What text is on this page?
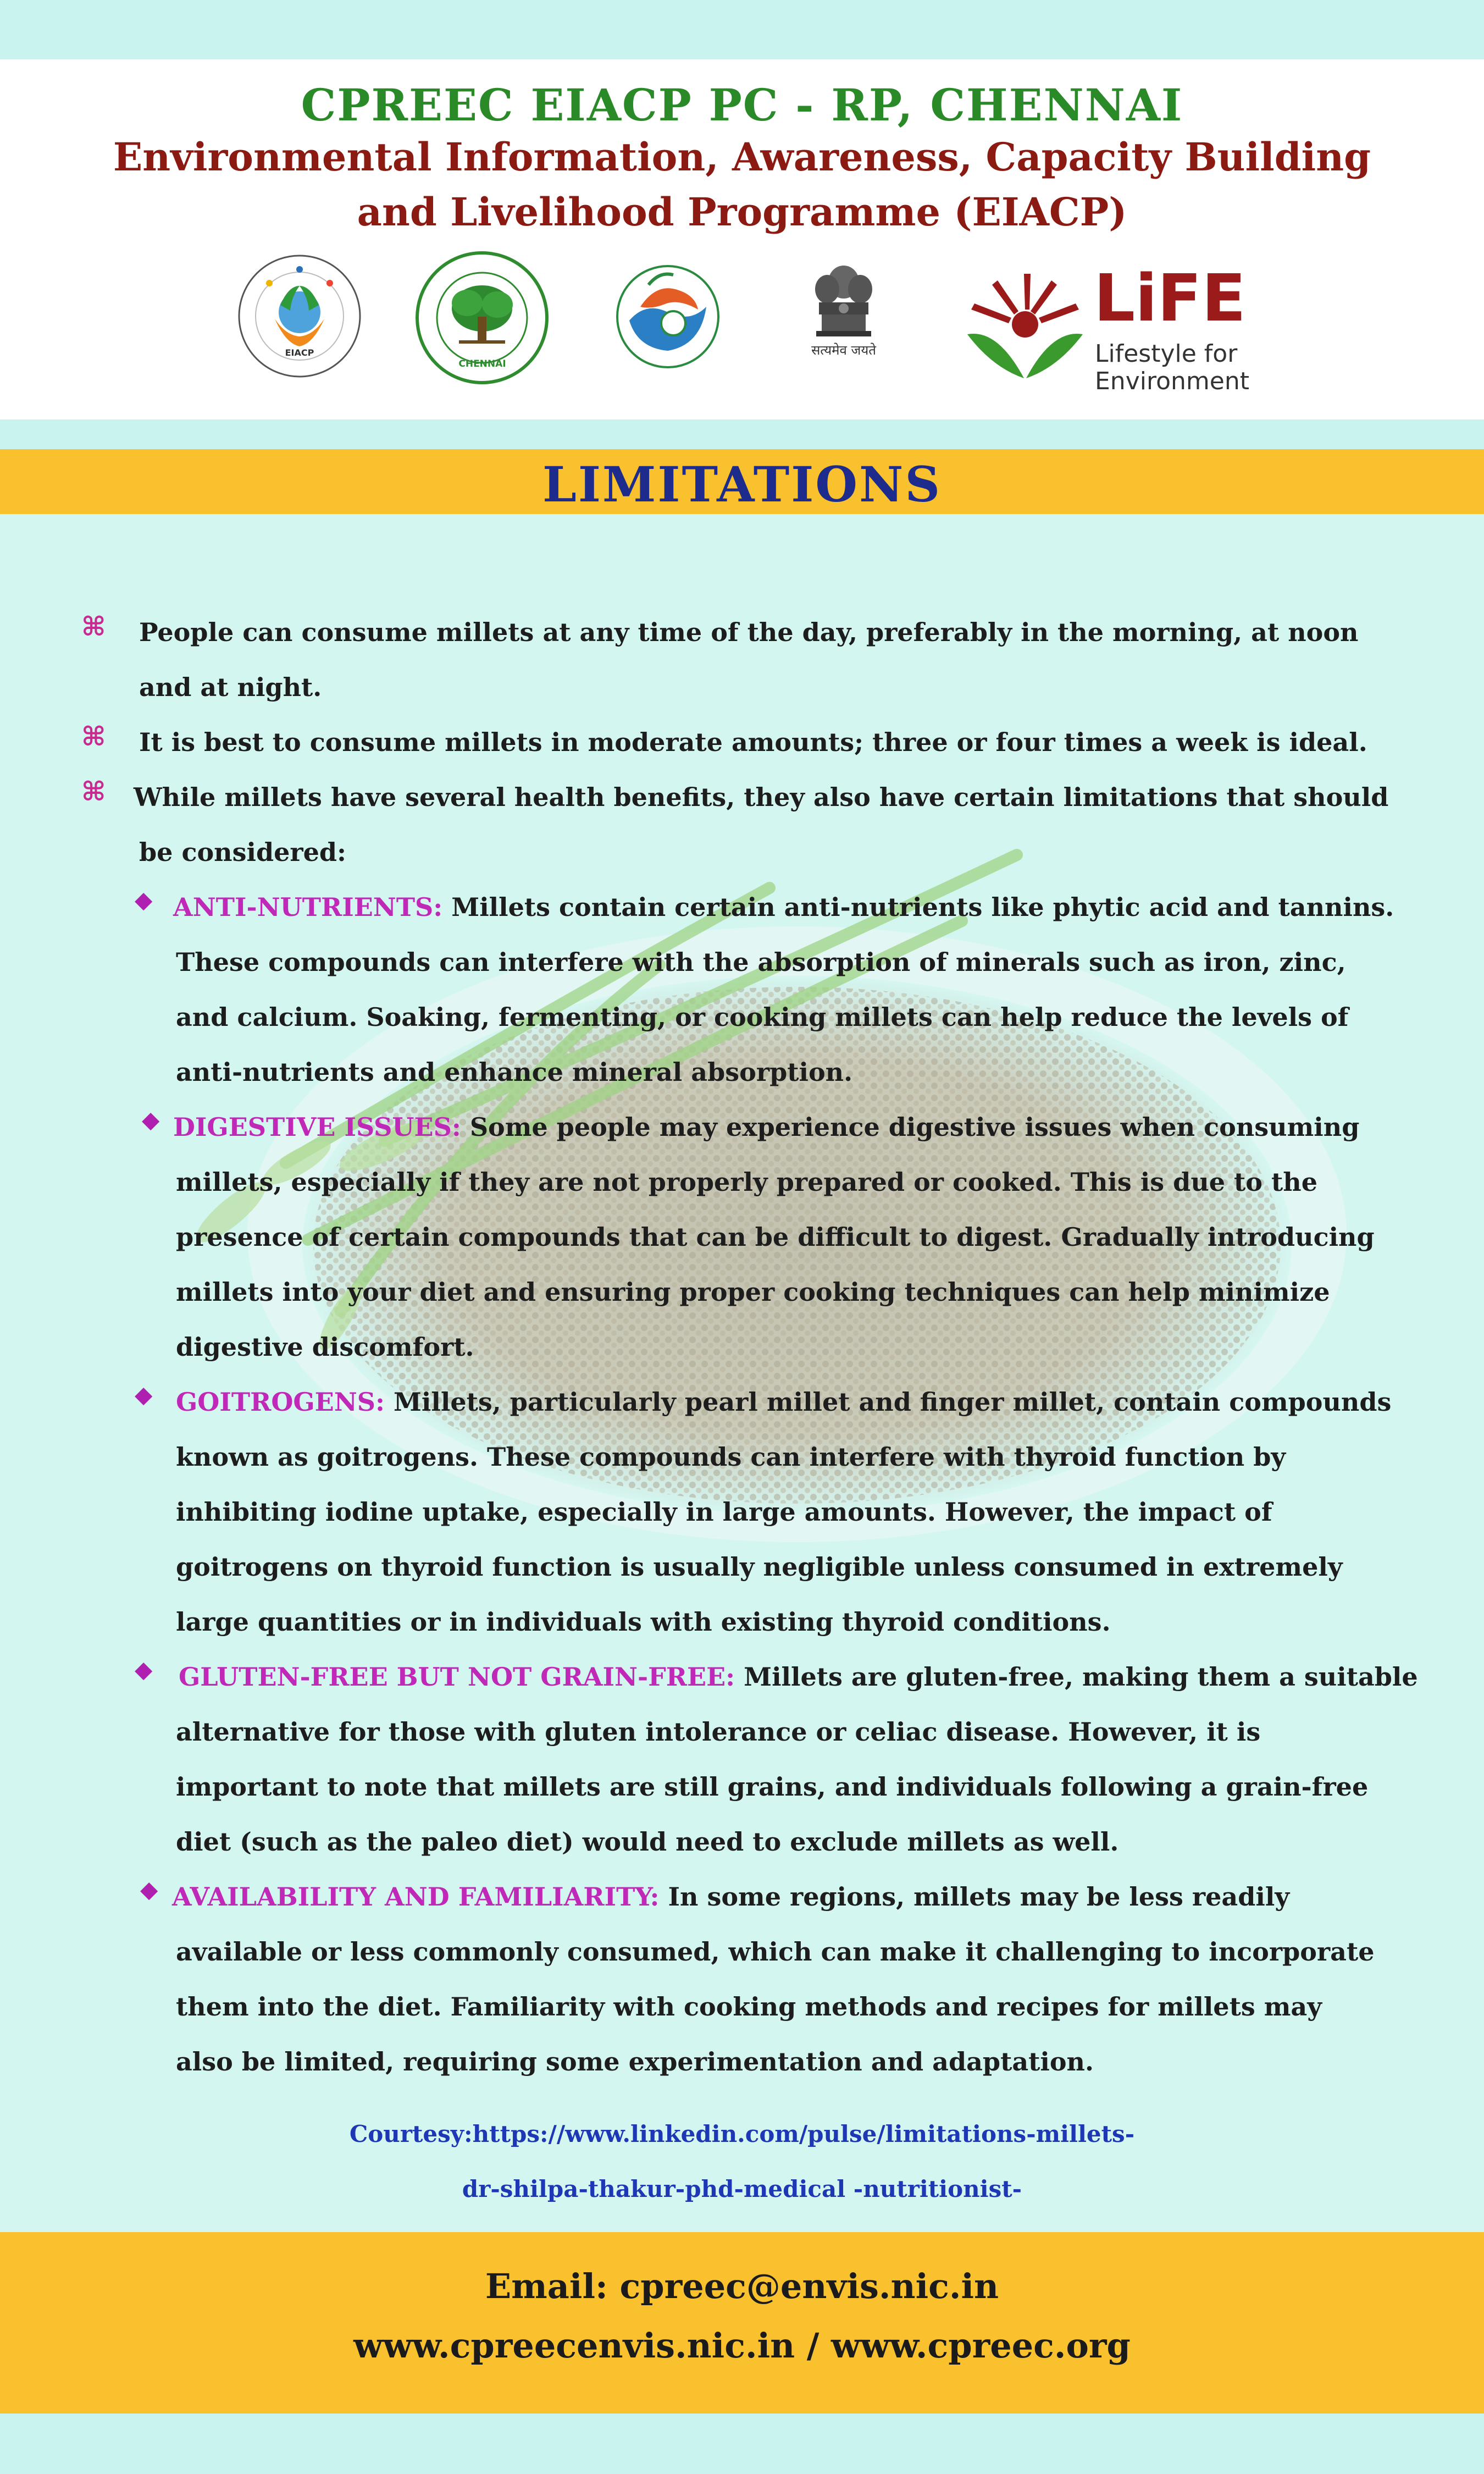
CPREEC EIACP PC - RP, CHENNAI
Environmental Information, Awareness, Capacity Building
and Livelihood Programme (EIACP)
EIACP
CHENNAI
सत्यमेव जयते
LiFE
Lifestyle for
Environment
LIMITATIONS
⌘ People can consume millets at any time of the day, preferably in the morning, at noon
and at night.
⌘ It is best to consume millets in moderate amounts; three or four times a week is ideal.
⌘ While millets have several health benefits, they also have certain limitations that should
be considered:
◆ ANTI-NUTRIENTS: Millets contain certain anti-nutrients like phytic acid and tannins.
These compounds can interfere with the absorption of minerals such as iron, zinc,
and calcium. Soaking, fermenting, or cooking millets can help reduce the levels of
anti-nutrients and enhance mineral absorption.
◆ DIGESTIVE ISSUES: Some people may experience digestive issues when consuming
millets, especially if they are not properly prepared or cooked. This is due to the
presence of certain compounds that can be difficult to digest. Gradually introducing
millets into your diet and ensuring proper cooking techniques can help minimize
digestive discomfort.
◆ GOITROGENS: Millets, particularly pearl millet and finger millet, contain compounds
known as goitrogens. These compounds can interfere with thyroid function by
inhibiting iodine uptake, especially in large amounts. However, the impact of
goitrogens on thyroid function is usually negligible unless consumed in extremely
large quantities or in individuals with existing thyroid conditions.
◆ GLUTEN-FREE BUT NOT GRAIN-FREE: Millets are gluten-free, making them a suitable
alternative for those with gluten intolerance or celiac disease. However, it is
important to note that millets are still grains, and individuals following a grain-free
diet (such as the paleo diet) would need to exclude millets as well.
◆ AVAILABILITY AND FAMILIARITY: In some regions, millets may be less readily
available or less commonly consumed, which can make it challenging to incorporate
them into the diet. Familiarity with cooking methods and recipes for millets may
also be limited, requiring some experimentation and adaptation.
Courtesy:https://www.linkedin.com/pulse/limitations-millets-
dr-shilpa-thakur-phd-medical -nutritionist-
Email: cpreec@envis.nic.in
www.cpreecenvis.nic.in / www.cpreec.org
